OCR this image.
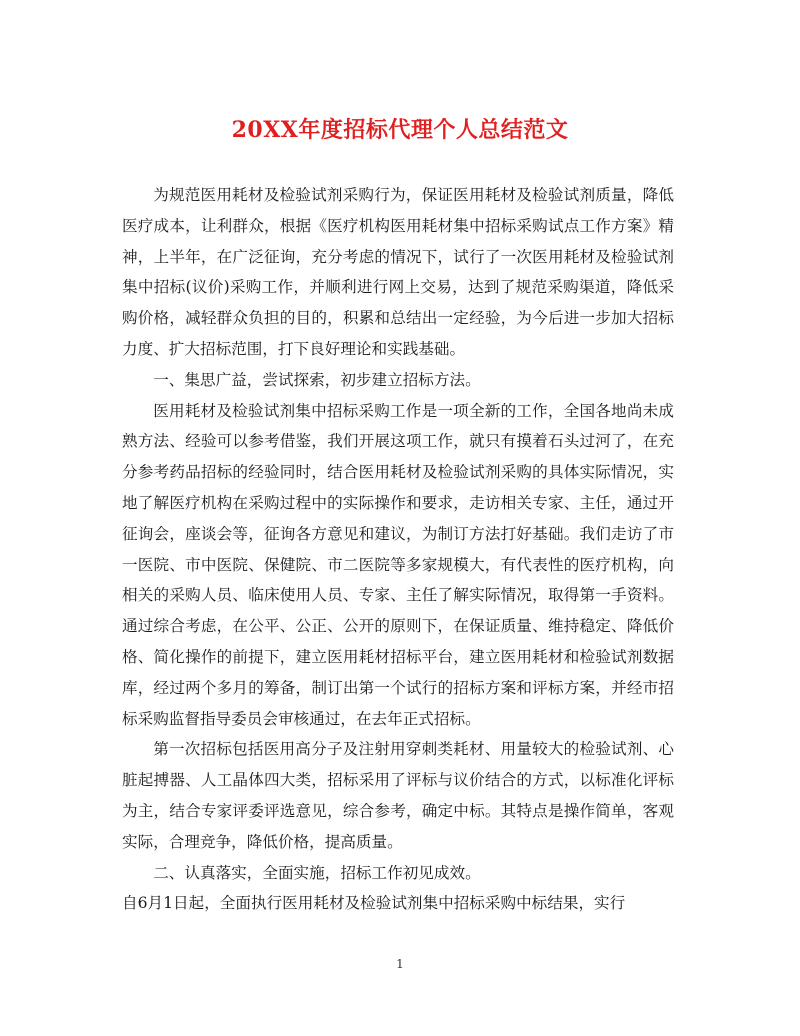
20XX年度招标代理个人总结范文

为规范医用耗材及检验试剂采购行为，保证医用耗材及检验试剂质量，降低医疗成本，让利群众，根据《医疗机构医用耗材集中招标采购试点工作方案》精神，上半年，在广泛征询，充分考虑的情况下，试行了一次医用耗材及检验试剂集中招标(议价)采购工作，并顺利进行网上交易，达到了规范采购渠道，降低采购价格，减轻群众负担的目的，积累和总结出一定经验，为今后进一步加大招标力度、扩大招标范围，打下良好理论和实践基础。

一、集思广益，尝试探索，初步建立招标方法。

医用耗材及检验试剂集中招标采购工作是一项全新的工作，全国各地尚未成熟方法、经验可以参考借鉴，我们开展这项工作，就只有摸着石头过河了，在充分参考药品招标的经验同时，结合医用耗材及检验试剂采购的具体实际情况，实地了解医疗机构在采购过程中的实际操作和要求，走访相关专家、主任，通过开征询会，座谈会等，征询各方意见和建议，为制订方法打好基础。我们走访了市一医院、市中医院、保健院、市二医院等多家规模大，有代表性的医疗机构，向相关的采购人员、临床使用人员、专家、主任了解实际情况，取得第一手资料。通过综合考虑，在公平、公正、公开的原则下，在保证质量、维持稳定、降低价格、简化操作的前提下，建立医用耗材招标平台，建立医用耗材和检验试剂数据库，经过两个多月的筹备，制订出第一个试行的招标方案和评标方案，并经市招标采购监督指导委员会审核通过，在去年正式招标。

第一次招标包括医用高分子及注射用穿刺类耗材、用量较大的检验试剂、心脏起搏器、人工晶体四大类，招标采用了评标与议价结合的方式，以标准化评标为主，结合专家评委评选意见，综合参考，确定中标。其特点是操作简单，客观实际，合理竞争，降低价格，提高质量。

二、认真落实，全面实施，招标工作初见成效。

自6月1日起，全面执行医用耗材及检验试剂集中招标采购中标结果，实行

1
